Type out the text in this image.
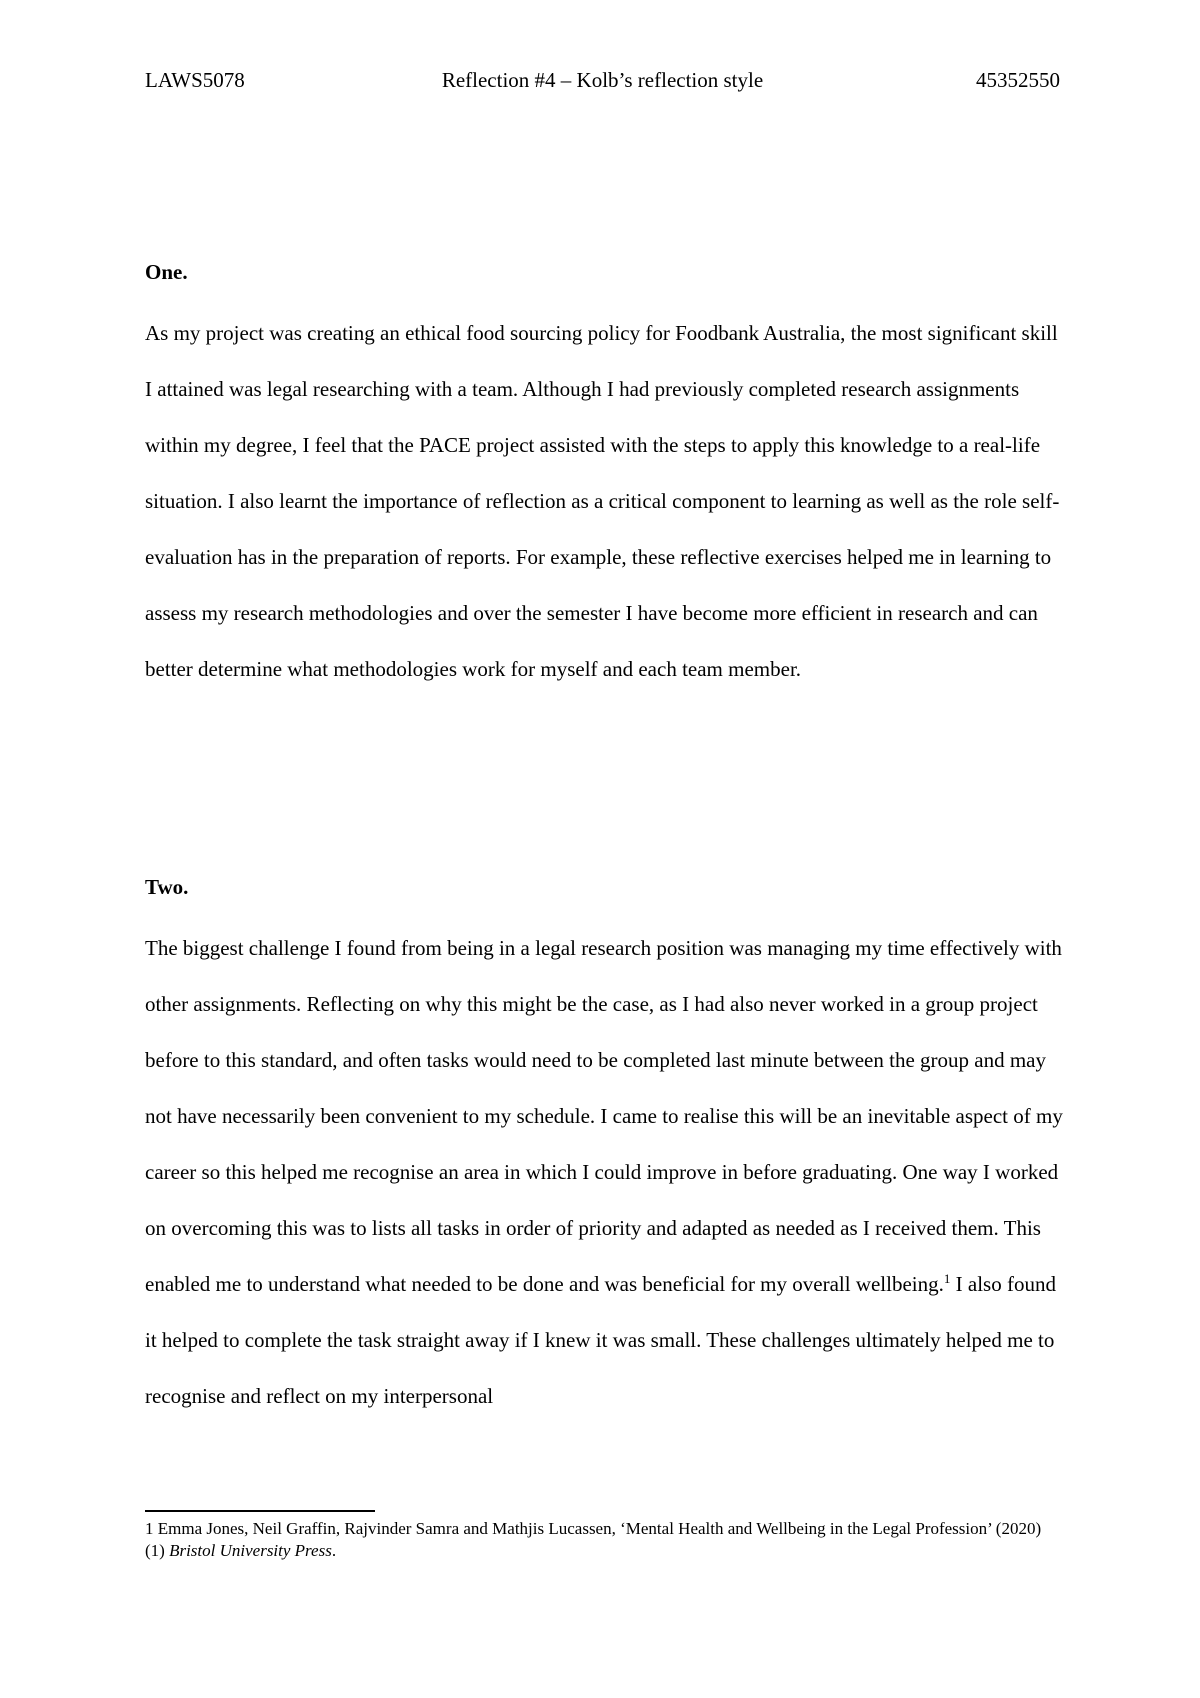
LAWS5078	Reflection #4 – Kolb’s reflection style	45352550

One.

As my project was creating an ethical food sourcing policy for Foodbank Australia, the most significant skill I attained was legal researching with a team. Although I had previously completed research assignments within my degree, I feel that the PACE project assisted with the steps to apply this knowledge to a real-life situation. I also learnt the importance of reflection as a critical component to learning as well as the role self-evaluation has in the preparation of reports. For example, these reflective exercises helped me in learning to assess my research methodologies and over the semester I have become more efficient in research and can better determine what methodologies work for myself and each team member.

Two.

The biggest challenge I found from being in a legal research position was managing my time effectively with other assignments. Reflecting on why this might be the case, as I had also never worked in a group project before to this standard, and often tasks would need to be completed last minute between the group and may not have necessarily been convenient to my schedule. I came to realise this will be an inevitable aspect of my career so this helped me recognise an area in which I could improve in before graduating. One way I worked on overcoming this was to lists all tasks in order of priority and adapted as needed as I received them. This enabled me to understand what needed to be done and was beneficial for my overall wellbeing.$^1$ I also found it helped to complete the task straight away if I knew it was small. These challenges ultimately helped me to recognise and reflect on my interpersonal

1 Emma Jones, Neil Graffin, Rajvinder Samra and Mathjis Lucassen, ‘Mental Health and Wellbeing in the Legal Profession’ (2020) (1) Bristol University Press.
